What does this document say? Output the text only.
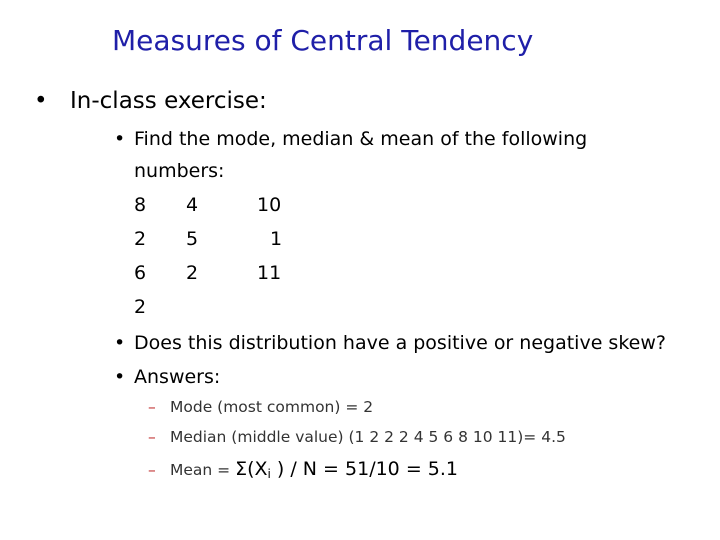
Measures of Central Tendency
• In-class exercise:
• Find the mode, median & mean of the following
numbers:
8 4	10
2 5	1
6 2	11
2
• Does this distribution have a positive or negative skew?
• Answers:
– Mode (most common) = 2
– Median (middle value) (1 2 2 2 4 5 6 8 10 11)= 4.5
– Mean = $\Sigma(X_i$ ) / N = 51/10 = 5.1
